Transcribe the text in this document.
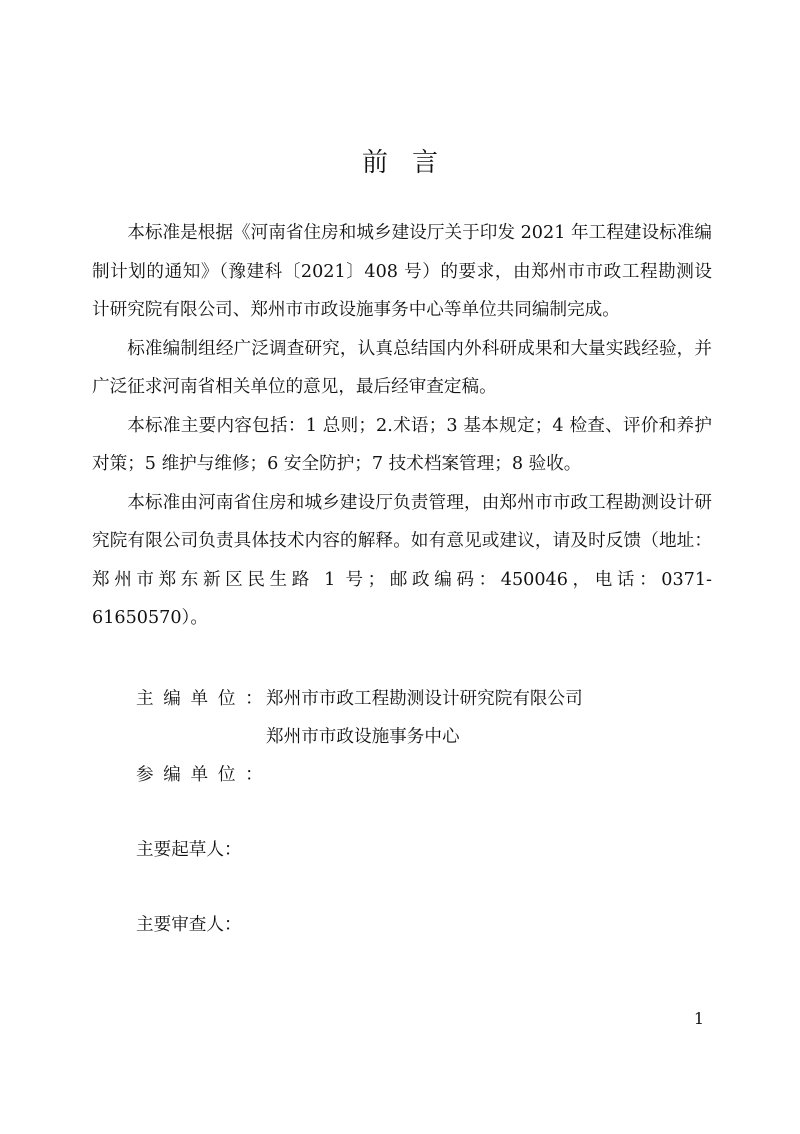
前言

本标准是根据《河南省住房和城乡建设厅关于印发 2021 年工程建设标准编制计划的通知》（豫建科〔2021〕408 号）的要求，由郑州市市政工程勘测设计研究院有限公司、郑州市市政设施事务中心等单位共同编制完成。

标准编制组经广泛调查研究，认真总结国内外科研成果和大量实践经验，并广泛征求河南省相关单位的意见，最后经审查定稿。

本标准主要内容包括：1 总则；2.术语；3 基本规定；4 检查、评价和养护对策；5 维护与维修；6 安全防护；7 技术档案管理；8 验收。

本标准由河南省住房和城乡建设厅负责管理，由郑州市市政工程勘测设计研究院有限公司负责具体技术内容的解释。如有意见或建议，请及时反馈（地址：郑州市郑东新区民生路 1 号；邮政编码：450046，电话：0371-61650570）。

主编单位：郑州市市政工程勘测设计研究院有限公司
郑州市市政设施事务中心
参编单位：
主要起草人：
主要审查人：
1
